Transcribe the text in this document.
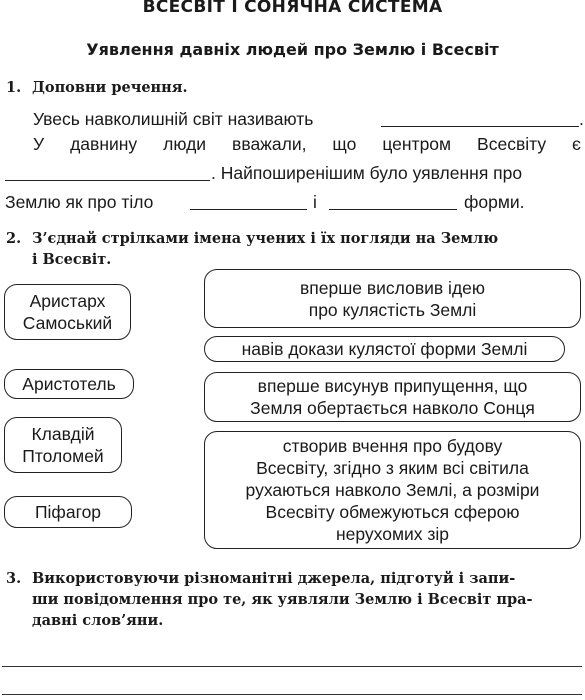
ВСЕСВІТ І СОНЯЧНА СИСТЕМА
Уявлення давніх людей про Землю і Всесвіт
1. Доповни речення.
Увесь навколишній світ називають	.
У давнину люди вважали, що центром Всесвіту є
. Найпоширенішим було уявлення про
Землю як про тіло	і	форми.
2. З’єднай стрілками імена учених і їх погляди на Землю
і Всесвіт.
Аристарх
Самоський
Аристотель
Клавдій
Птоломей
Піфагор
вперше висловив ідею
про кулястість Землі
навів докази кулястої форми Землі
вперше висунув припущення, що
Земля обертається навколо Сонця
створив вчення про будову
Всесвіту, згідно з яким всі світила
рухаються навколо Землі, а розміри
Всесвіту обмежуються сферою
нерухомих зір
3. Використовуючи різноманітні джерела, підготуй і запи-
ши повідомлення про те, як уявляли Землю і Всесвіт пра-
давні слов’яни.
